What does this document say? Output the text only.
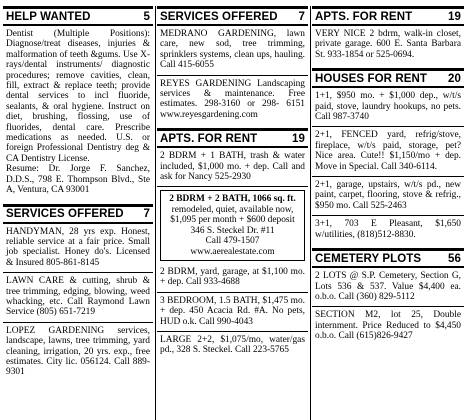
HELP WANTED	5
Dentist (Multiple Positions): Diagnose/treat diseases, injuries & malformation of teeth &gums. Use X-rays/dental instruments/ diagnostic procedures; remove cavities, clean, fill, extract & replace teeth; provide dental services to incl fluoride, sealants, & oral hygiene. Instruct on diet, brushing, flossing, use of fluorides, dental care. Prescribe medications as needed. U.S. or foreign Professional Dentistry deg & CA Dentistry License.
Resume: Dr. Jorge F. Sanchez, D.D.S., 798 E. Thompson Blvd., Ste A, Ventura, CA 93001
SERVICES OFFERED 7
HANDYMAN, 28 yrs exp. Honest, reliable service at a fair price. Small job specialist. Honey do's. Licensed & Insured 805-861-8145
LAWN CARE & cutting, shrub & tree trimming, edging, blowing, weed whacking, etc. Call Raymond Lawn Service (805) 651-7219
LOPEZ GARDENING services, landscape, lawns, tree trimming, yard cleaning, irrigation, 20 yrs. exp., free estimates. City lic. 056124. Call 889-9301
SERVICES OFFERED 7
MEDRANO GARDENING, lawn care, new sod, tree trimming, sprinklers systems, clean ups, hauling. Call 415-6055
REYES GARDENING Landscaping services & maintenance. Free estimates. 298-3160 or 298- 6151 www.reyesgardening.com
APTS. FOR RENT	19
2 BDRM + 1 BATH, trash & water included, $1,000 mo. + dep. Call and ask for Nancy 525-2930
2 BDRM + 2 BATH, 1066 sq. ft.
remodeled, quiet, available now, $1,095 per month + $600 deposit
346 S. Steckel Dr. #11
Call 479-1507
www.aerealestate.com
2 BDRM, yard, garage, at $1,100 mo. + dep. Call 933-4688
3 BEDROOM, 1.5 BATH, $1,475 mo. + dep. 450 Acacia Rd. #A. No pets, HUD o.k. Call 990-4043
LARGE 2+2, $1,075/mo, water/gas pd., 328 S. Steckel. Call 223-5765
APTS. FOR RENT	19
VERY NICE 2 bdrm, walk-in closet, private garage. 600 E. Santa Barbara St. 933-1854 or 525-0694.
HOUSES FOR RENT 20
1+1, $950 mo. + $1,000 dep., w/t/s paid, stove, laundry hookups, no pets. Call 987-3740
2+1, FENCED yard, refrig/stove, fireplace, w/t/s paid, storage, pet? Nice area. Cute!! $1,150/mo + dep. Move in Special. Call 340-6114.
2+1, garage, upstairs, w/t/s pd., new paint, carpet, flooring, stove & refrig., $950 mo. Call 525-2463
3+1, 703 E Pleasant, $1,650 w/utilities, (818)512-8830.
CEMETERY PLOTS 56
2 LOTS @ S.P. Cemetery, Section G, Lots 536 & 537. Value $4,400 ea. o.b.o. Call (360) 829-5112
SECTION M2, lot 25, Double internment. Price Reduced to $4,450 o.b.o. Call (615)826-9427
